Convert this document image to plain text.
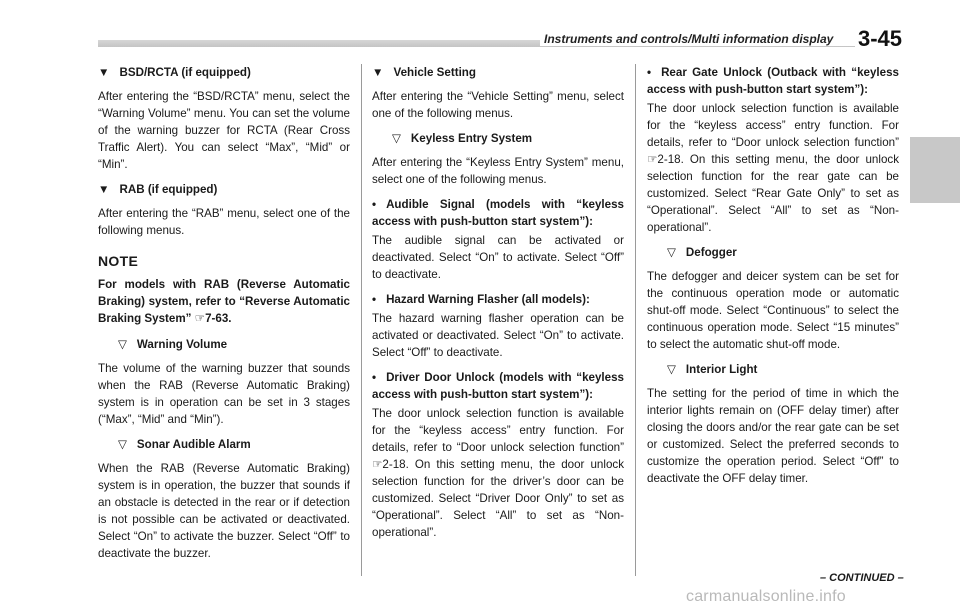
Instruments and controls/Multi information display	3-45
▼ BSD/RCTA (if equipped)

After entering the “BSD/RCTA” menu, select the “Warning Volume” menu. You can set the volume of the warning buzzer for RCTA (Rear Cross Traffic Alert). You can select “Max”, “Mid” or “Min”.

▼ RAB (if equipped)

After entering the “RAB” menu, select one of the following menus.

NOTE

For models with RAB (Reverse Automatic Braking) system, refer to “Reverse Automatic Braking System” ☞7-63.

▽ Warning Volume

The volume of the warning buzzer that sounds when the RAB (Reverse Automatic Braking) system is in operation can be set in 3 stages (“Max”, “Mid” and “Min”).

▽ Sonar Audible Alarm

When the RAB (Reverse Automatic Braking) system is in operation, the buzzer that sounds if an obstacle is detected in the rear or if detection is not possible can be activated or deactivated. Select “On” to activate the buzzer. Select “Off” to deactivate the buzzer.

▼ Vehicle Setting

After entering the “Vehicle Setting” menu, select one of the following menus.

▽ Keyless Entry System

After entering the “Keyless Entry System” menu, select one of the following menus.

• Audible Signal (models with “keyless access with push-button start system”):

The audible signal can be activated or deactivated. Select “On” to activate. Select “Off” to deactivate.

• Hazard Warning Flasher (all models):

The hazard warning flasher operation can be activated or deactivated. Select “On” to activate. Select “Off” to deactivate.

• Driver Door Unlock (models with “keyless access with push-button start system”):

The door unlock selection function is available for the “keyless access” entry function. For details, refer to “Door unlock selection function” ☞2-18. On this setting menu, the door unlock selection function for the driver’s door can be customized. Select “Driver Door Only” to set as “Operational”. Select “All” to set as “Non-operational”.

• Rear Gate Unlock (Outback with “keyless access with push-button start system”):

The door unlock selection function is available for the “keyless access” entry function. For details, refer to “Door unlock selection function” ☞2-18. On this setting menu, the door unlock selection function for the rear gate can be customized. Select “Rear Gate Only” to set as “Operational”. Select “All” to set as “Non-operational”.

▽ Defogger

The defogger and deicer system can be set for the continuous operation mode or automatic shut-off mode. Select “Continuous” to select the continuous operation mode. Select “15 minutes” to select the automatic shut-off mode.

▽ Interior Light

The setting for the period of time in which the interior lights remain on (OFF delay timer) after closing the doors and/or the rear gate can be set or customized. Select the preferred seconds to customize the operation period. Select “Off” to deactivate the OFF delay timer.

– CONTINUED –
carmanualsonline.info
